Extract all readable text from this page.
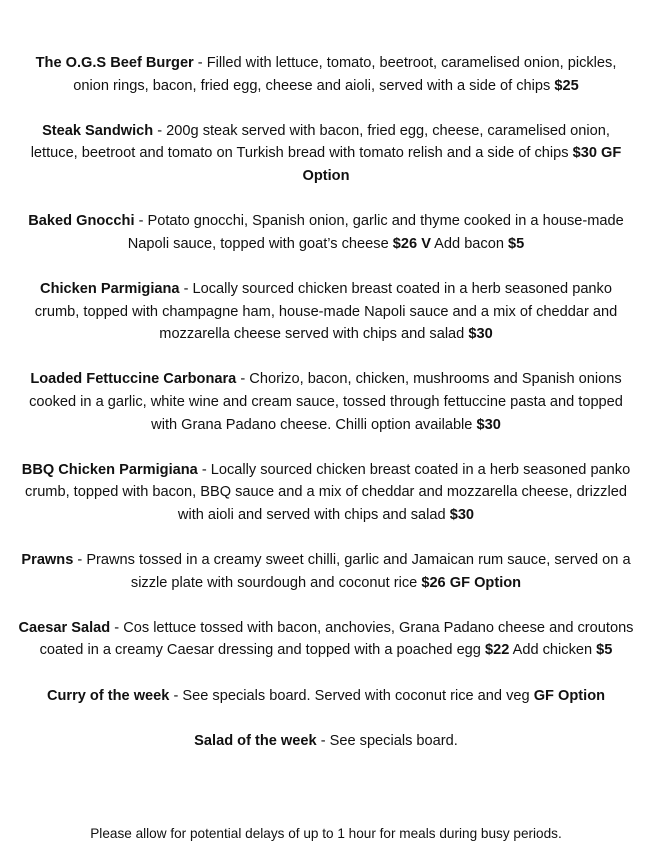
The O.G.S Beef Burger - Filled with lettuce, tomato, beetroot, caramelised onion, pickles, onion rings, bacon, fried egg, cheese and aioli, served with a side of chips $25

Steak Sandwich - 200g steak served with bacon, fried egg, cheese, caramelised onion, lettuce, beetroot and tomato on Turkish bread with tomato relish and a side of chips $30 GF Option

Baked Gnocchi - Potato gnocchi, Spanish onion, garlic and thyme cooked in a house-made Napoli sauce, topped with goat’s cheese $26 V Add bacon $5

Chicken Parmigiana - Locally sourced chicken breast coated in a herb seasoned panko crumb, topped with champagne ham, house-made Napoli sauce and a mix of cheddar and mozzarella cheese served with chips and salad $30

Loaded Fettuccine Carbonara - Chorizo, bacon, chicken, mushrooms and Spanish onions cooked in a garlic, white wine and cream sauce, tossed through fettuccine pasta and topped with Grana Padano cheese. Chilli option available $30

BBQ Chicken Parmigiana - Locally sourced chicken breast coated in a herb seasoned panko crumb, topped with bacon, BBQ sauce and a mix of cheddar and mozzarella cheese, drizzled with aioli and served with chips and salad $30

Prawns - Prawns tossed in a creamy sweet chilli, garlic and Jamaican rum sauce, served on a sizzle plate with sourdough and coconut rice $26 GF Option

Caesar Salad - Cos lettuce tossed with bacon, anchovies, Grana Padano cheese and croutons coated in a creamy Caesar dressing and topped with a poached egg $22 Add chicken $5

Curry of the week - See specials board. Served with coconut rice and veg GF Option

Salad of the week - See specials board.

Please allow for potential delays of up to 1 hour for meals during busy periods.
